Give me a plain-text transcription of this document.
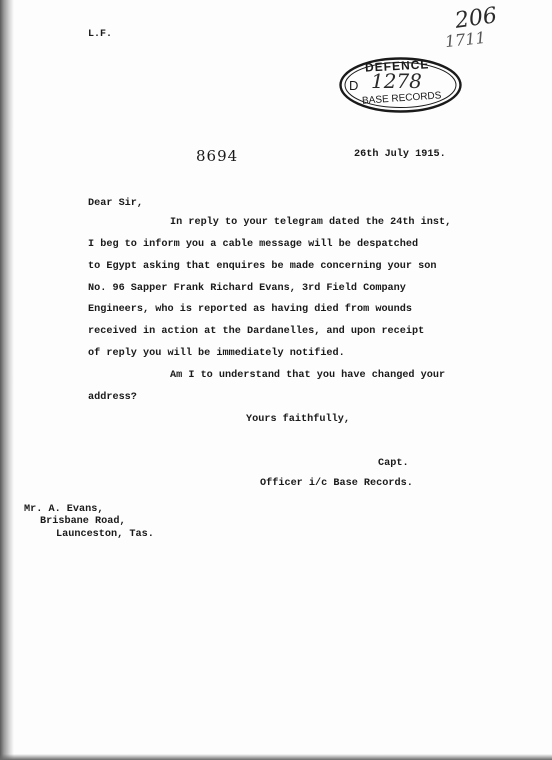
L.F.
206
1711
DEFENCE
D 1278
BASE RECORDS
8694	26th July 1915.
Dear Sir,
In reply to your telegram dated the 24th inst,
I beg to inform you a cable message will be despatched
to Egypt asking that enquires be made concerning your son
No. 96 Sapper Frank Richard Evans, 3rd Field Company
Engineers, who is reported as having died from wounds
received in action at the Dardanelles, and upon receipt
of reply you will be immediately notified.
Am I to understand that you have changed your
address?
Yours faithfully,
Capt.
Officer i/c Base Records.
Mr. A. Evans,
Brisbane Road,
Launceston, Tas.
